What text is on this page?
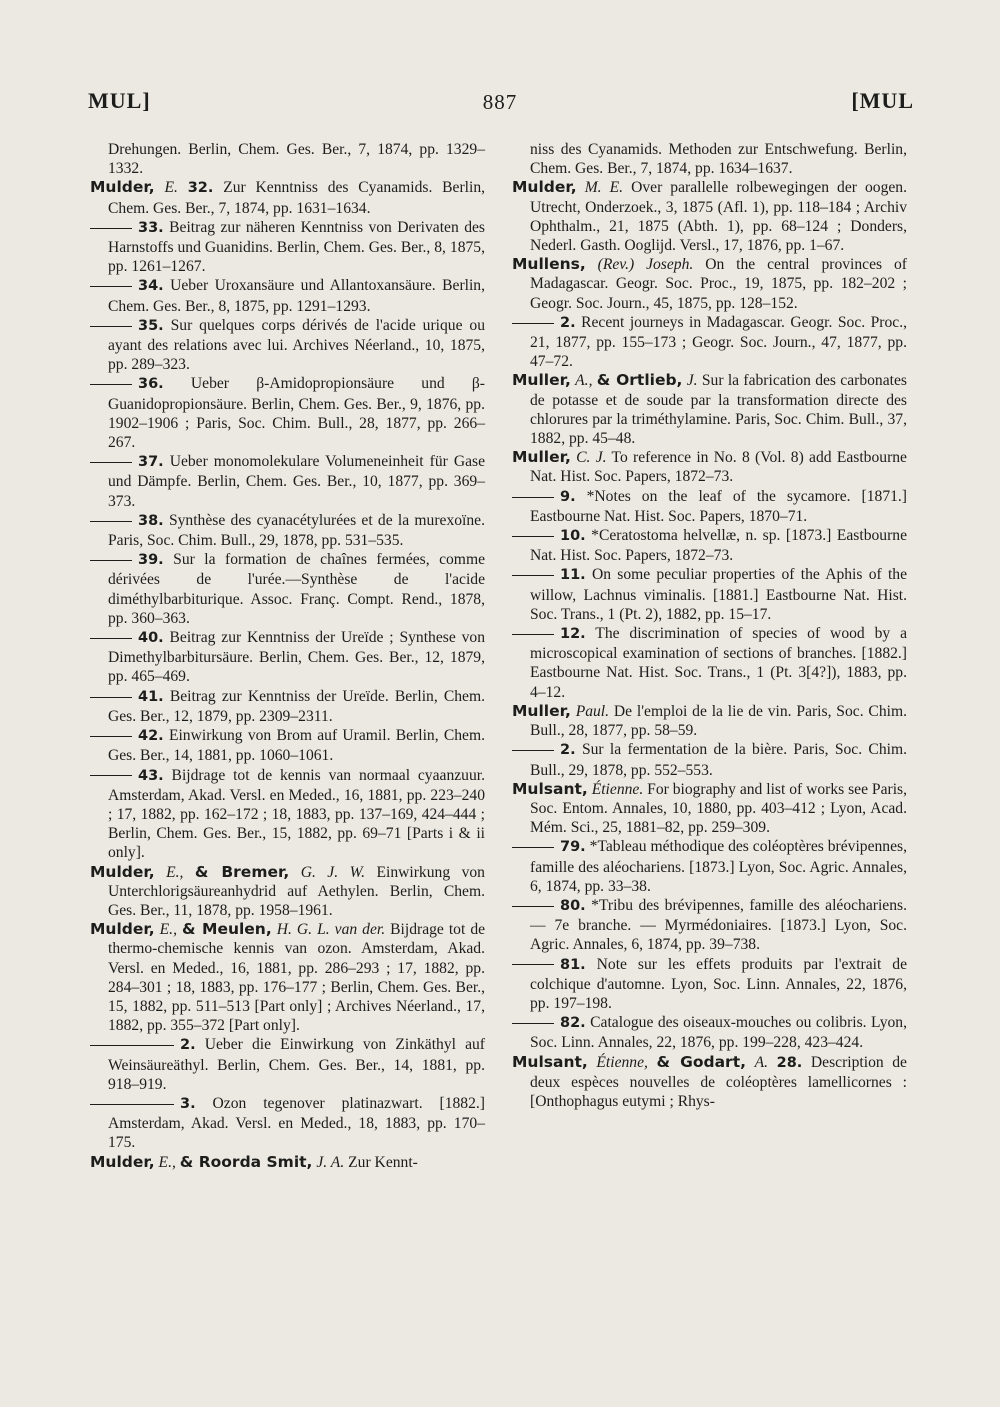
MUL]	887	[MUL

Drehungen. Berlin, Chem. Ges. Ber., 7, 1874, pp. 1329–1332.

Mulder, E. 32. Zur Kenntniss des Cyanamids. Berlin, Chem. Ges. Ber., 7, 1874, pp. 1631–1634.

33. Beitrag zur näheren Kenntniss von Derivaten des Harnstoffs und Guanidins. Berlin, Chem. Ges. Ber., 8, 1875, pp. 1261–1267.

34. Ueber Uroxansäure und Allantoxansäure. Berlin, Chem. Ges. Ber., 8, 1875, pp. 1291–1293.

35. Sur quelques corps dérivés de l'acide urique ou ayant des relations avec lui. Archives Néerland., 10, 1875, pp. 289–323.

36. Ueber β-Amidopropionsäure und β-Guanidopropionsäure. Berlin, Chem. Ges. Ber., 9, 1876, pp. 1902–1906 ; Paris, Soc. Chim. Bull., 28, 1877, pp. 266–267.

37. Ueber monomolekulare Volumeneinheit für Gase und Dämpfe. Berlin, Chem. Ges. Ber., 10, 1877, pp. 369–373.

38. Synthèse des cyanacétylurées et de la murexoïne. Paris, Soc. Chim. Bull., 29, 1878, pp. 531–535.

39. Sur la formation de chaînes fermées, comme dérivées de l'urée.—Synthèse de l'acide diméthylbarbiturique. Assoc. Franç. Compt. Rend., 1878, pp. 360–363.

40. Beitrag zur Kenntniss der Ureïde ; Synthese von Dimethylbarbitursäure. Berlin, Chem. Ges. Ber., 12, 1879, pp. 465–469.

41. Beitrag zur Kenntniss der Ureïde. Berlin, Chem. Ges. Ber., 12, 1879, pp. 2309–2311.

42. Einwirkung von Brom auf Uramil. Berlin, Chem. Ges. Ber., 14, 1881, pp. 1060–1061.

43. Bijdrage tot de kennis van normaal cyaanzuur. Amsterdam, Akad. Versl. en Meded., 16, 1881, pp. 223–240 ; 17, 1882, pp. 162–172 ; 18, 1883, pp. 137–169, 424–444 ; Berlin, Chem. Ges. Ber., 15, 1882, pp. 69–71 [Parts i & ii only].

Mulder, E., & Bremer, G. J. W. Einwirkung von Unterchlorigsäureanhydrid auf Aethylen. Berlin, Chem. Ges. Ber., 11, 1878, pp. 1958–1961.

Mulder, E., & Meulen, H. G. L. van der. Bijdrage tot de thermo-chemische kennis van ozon. Amsterdam, Akad. Versl. en Meded., 16, 1881, pp. 286–293 ; 17, 1882, pp. 284–301 ; 18, 1883, pp. 176–177 ; Berlin, Chem. Ges. Ber., 15, 1882, pp. 511–513 [Part only] ; Archives Néerland., 17, 1882, pp. 355–372 [Part only].

2. Ueber die Einwirkung von Zinkäthyl auf Weinsäureäthyl. Berlin, Chem. Ges. Ber., 14, 1881, pp. 918–919.

3. Ozon tegenover platinazwart. [1882.] Amsterdam, Akad. Versl. en Meded., 18, 1883, pp. 170–175.

Mulder, E., & Roorda Smit, J. A. Zur Kennt-

niss des Cyanamids. Methoden zur Entschwefung. Berlin, Chem. Ges. Ber., 7, 1874, pp. 1634–1637.

Mulder, M. E. Over parallelle rolbewegingen der oogen. Utrecht, Onderzoek., 3, 1875 (Afl. 1), pp. 118–184 ; Archiv Ophthalm., 21, 1875 (Abth. 1), pp. 68–124 ; Donders, Nederl. Gasth. Ooglijd. Versl., 17, 1876, pp. 1–67.

Mullens, (Rev.) Joseph. On the central provinces of Madagascar. Geogr. Soc. Proc., 19, 1875, pp. 182–202 ; Geogr. Soc. Journ., 45, 1875, pp. 128–152.

2. Recent journeys in Madagascar. Geogr. Soc. Proc., 21, 1877, pp. 155–173 ; Geogr. Soc. Journ., 47, 1877, pp. 47–72.

Muller, A., & Ortlieb, J. Sur la fabrication des carbonates de potasse et de soude par la transformation directe des chlorures par la triméthylamine. Paris, Soc. Chim. Bull., 37, 1882, pp. 45–48.

Muller, C. J. To reference in No. 8 (Vol. 8) add Eastbourne Nat. Hist. Soc. Papers, 1872–73.

9. *Notes on the leaf of the sycamore. [1871.] Eastbourne Nat. Hist. Soc. Papers, 1870–71.

10. *Ceratostoma helvellæ, n. sp. [1873.] Eastbourne Nat. Hist. Soc. Papers, 1872–73.

11. On some peculiar properties of the Aphis of the willow, Lachnus viminalis. [1881.] Eastbourne Nat. Hist. Soc. Trans., 1 (Pt. 2), 1882, pp. 15–17.

12. The discrimination of species of wood by a microscopical examination of sections of branches. [1882.] Eastbourne Nat. Hist. Soc. Trans., 1 (Pt. 3[4?]), 1883, pp. 4–12.

Muller, Paul. De l'emploi de la lie de vin. Paris, Soc. Chim. Bull., 28, 1877, pp. 58–59.

2. Sur la fermentation de la bière. Paris, Soc. Chim. Bull., 29, 1878, pp. 552–553.

Mulsant, Étienne. For biography and list of works see Paris, Soc. Entom. Annales, 10, 1880, pp. 403–412 ; Lyon, Acad. Mém. Sci., 25, 1881–82, pp. 259–309.

79. *Tableau méthodique des coléoptères brévipennes, famille des aléochariens. [1873.] Lyon, Soc. Agric. Annales, 6, 1874, pp. 33–38.

80. *Tribu des brévipennes, famille des aléochariens. — 7e branche. — Myrmédoniaires. [1873.] Lyon, Soc. Agric. Annales, 6, 1874, pp. 39–738.

81. Note sur les effets produits par l'extrait de colchique d'automne. Lyon, Soc. Linn. Annales, 22, 1876, pp. 197–198.

82. Catalogue des oiseaux-mouches ou colibris. Lyon, Soc. Linn. Annales, 22, 1876, pp. 199–228, 423–424.

Mulsant, Étienne, & Godart, A. 28. Description de deux espèces nouvelles de coléoptères lamellicornes : [Onthophagus eutymi ; Rhys-
